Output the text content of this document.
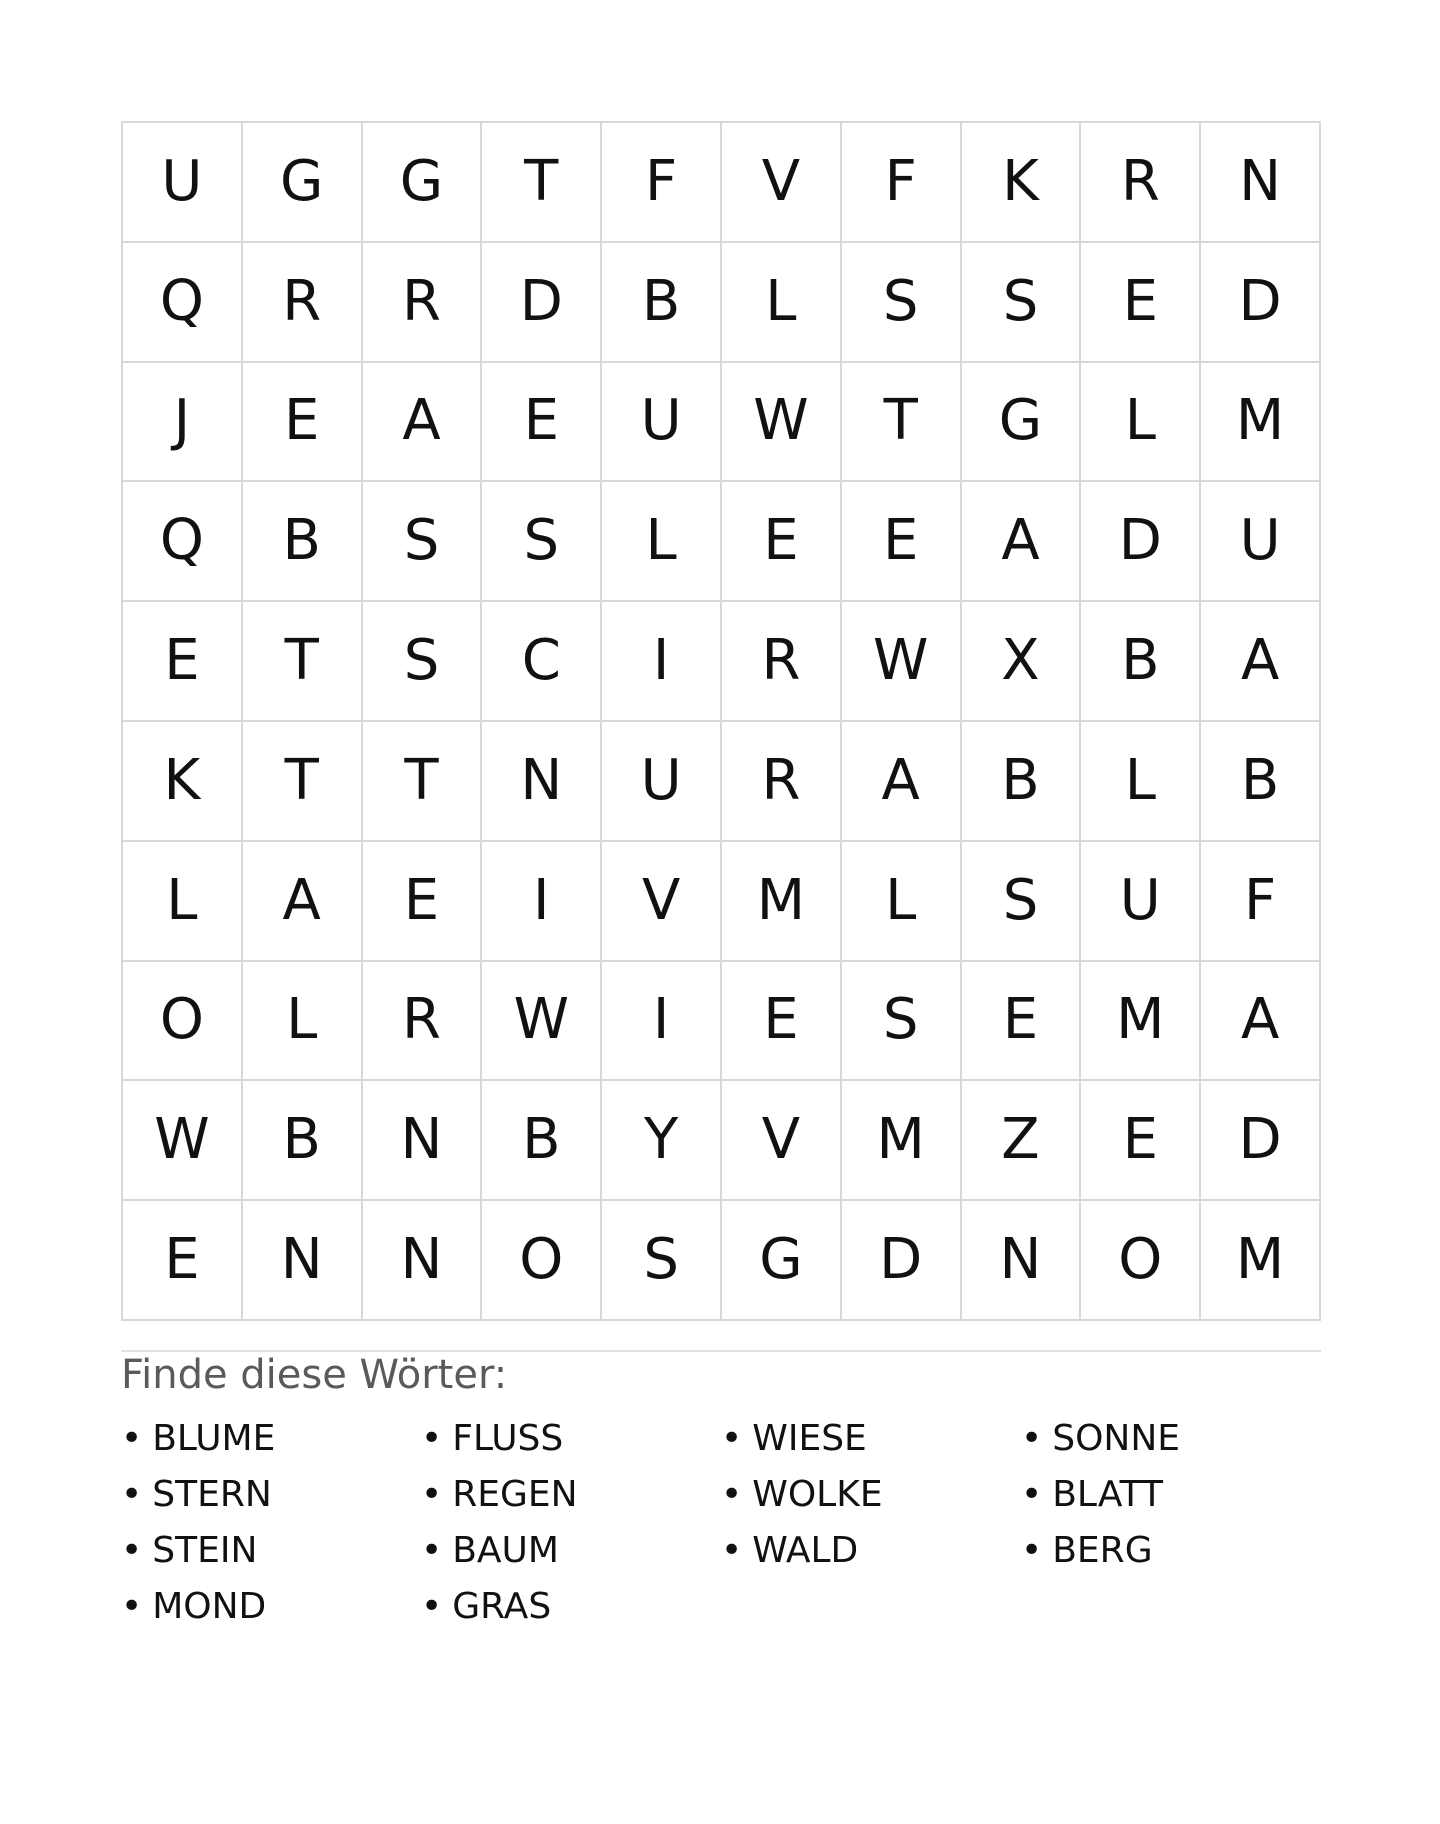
U	G	G	T	F	V	F	K	R	N
Q	R	R	D	B	L	S	S	E	D
J	E	A	E	U	W	T	G	L	M
Q	B	S	S	L	E	E	A	D	U
E	T	S	C	I	R	W	X	B	A
K	T	T	N	U	R	A	B	L	B
L	A	E	I	V	M	L	S	U	F
O	L	R	W	I	E	S	E	M	A
W	B	N	B	Y	V	M	Z	E	D
E	N	N	O	S	G	D	N	O	M
Finde diese Wörter:
• BLUME	• FLUSS	• WIESE	• SONNE
• STERN	• REGEN	• WOLKE	• BLATT
• STEIN	• BAUM	• WALD	• BERG
• MOND	• GRAS
